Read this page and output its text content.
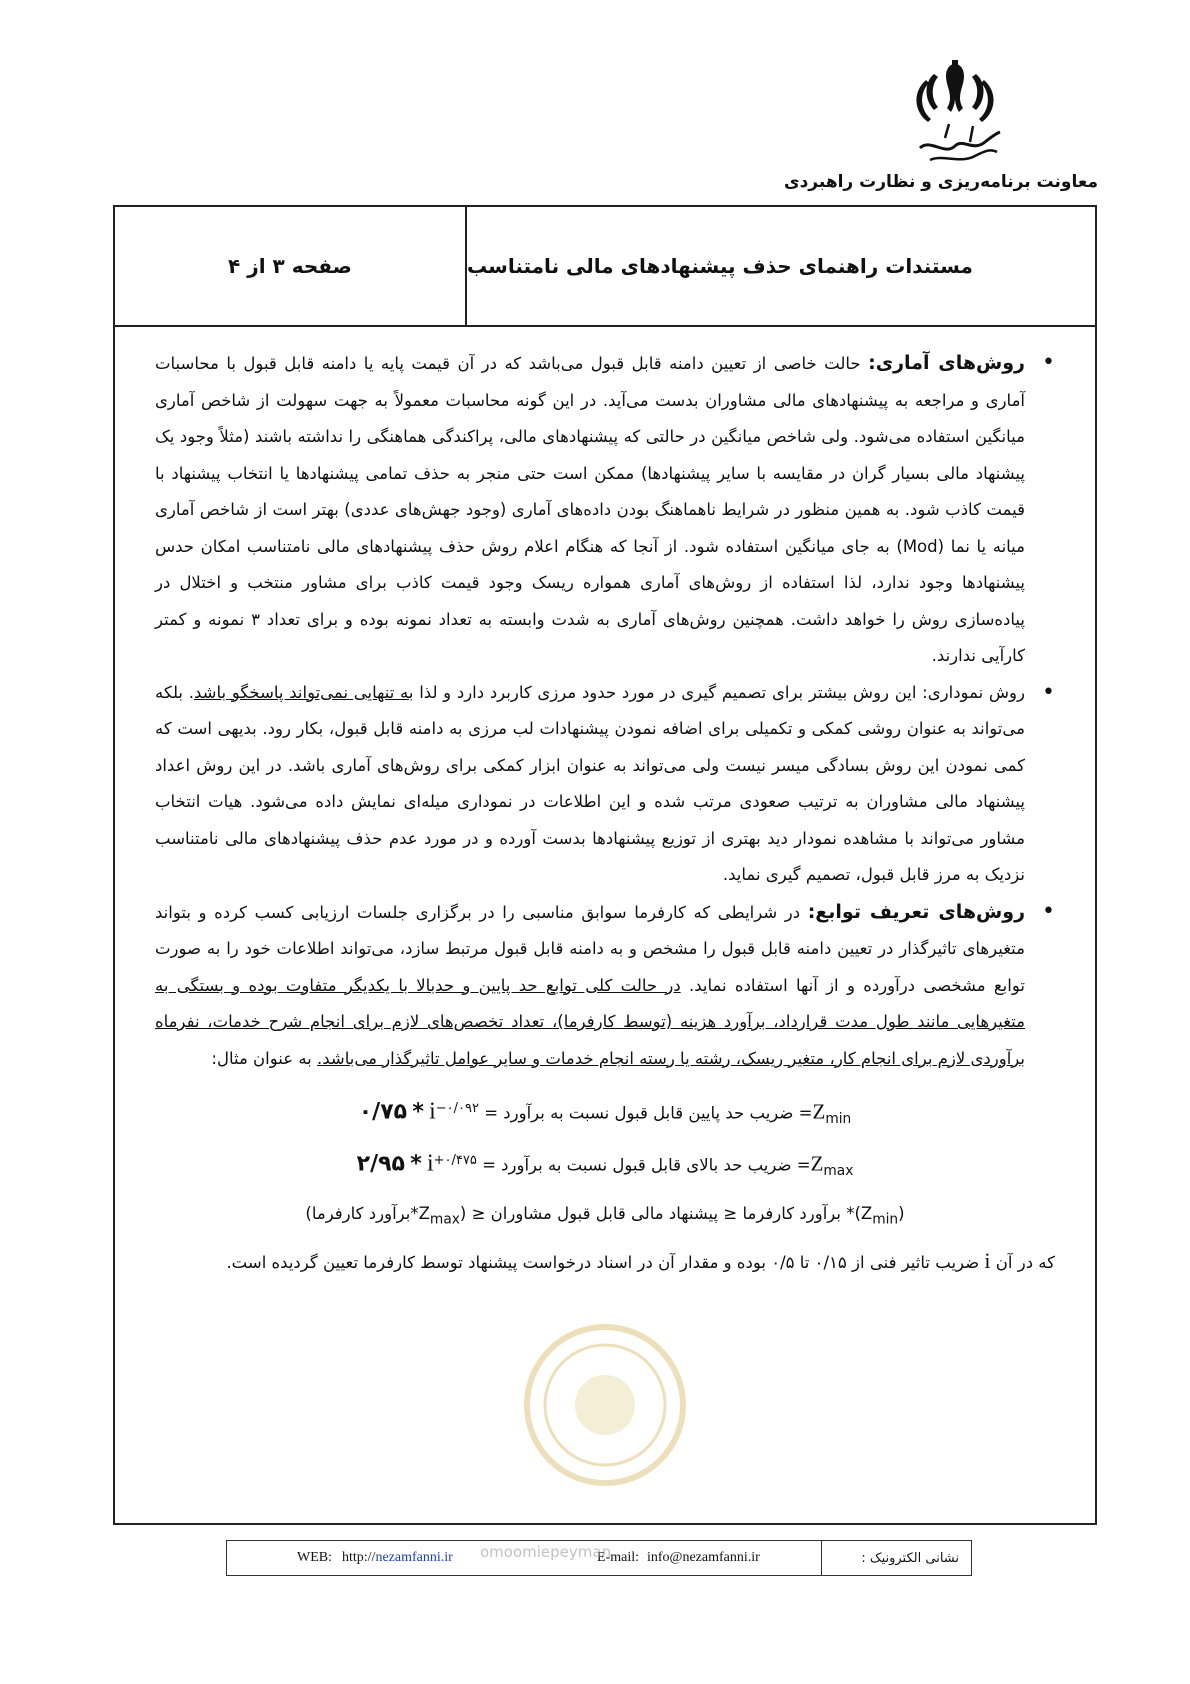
معاونت برنامه‌ریزی و نظارت راهبردی
مستندات راهنمای حذف پیشنهادهای مالی نامتناسب
صفحه ۳ از ۴
• روش‌های آماری: حالت خاصی از تعیین دامنه قابل قبول می‌باشد که در آن قیمت پایه یا دامنه قابل قبول با محاسبات آماری و مراجعه به پیشنهادهای مالی مشاوران بدست می‌آید. در این گونه محاسبات معمولاً به جهت سهولت از شاخص آماری میانگین استفاده می‌شود. ولی شاخص میانگین در حالتی که پیشنهادهای مالی، پراکندگی هماهنگی را نداشته باشند (مثلاً وجود یک پیشنهاد مالی بسیار گران در مقایسه با سایر پیشنهادها) ممکن است حتی منجر به حذف تمامی پیشنهادها یا انتخاب پیشنهاد با قیمت کاذب شود. به همین منظور در شرایط ناهماهنگ بودن داده‌های آماری (وجود جهش‌های عددی) بهتر است از شاخص آماری میانه یا نما (Mod) به جای میانگین استفاده شود. از آنجا که هنگام اعلام روش حذف پیشنهادهای مالی نامتناسب امکان حدس پیشنهادها وجود ندارد، لذا استفاده از روش‌های آماری همواره ریسک وجود قیمت کاذب برای مشاور منتخب و اختلال در پیاده‌سازی روش را خواهد داشت. همچنین روش‌های آماری به شدت وابسته به تعداد نمونه بوده و برای تعداد ۳ نمونه و کمتر کارآیی ندارند.
• روش نموداری: این روش بیشتر برای تصمیم گیری در مورد حدود مرزی کاربرد دارد و لذا به تنهایی نمی‌تواند پاسخگو باشد. بلکه می‌تواند به عنوان روشی کمکی و تکمیلی برای اضافه نمودن پیشنهادات لب مرزی به دامنه قابل قبول، بکار رود. بدیهی است که کمی نمودن این روش بسادگی میسر نیست ولی می‌تواند به عنوان ابزار کمکی برای روش‌های آماری باشد. در این روش اعداد پیشنهاد مالی مشاوران به ترتیب صعودی مرتب شده و این اطلاعات در نموداری میله‌ای نمایش داده می‌شود. هیات انتخاب مشاور می‌تواند با مشاهده نمودار دید بهتری از توزیع پیشنهادها بدست آورده و در مورد عدم حذف پیشنهادهای مالی نامتناسب نزدیک به مرز قابل قبول، تصمیم گیری نماید.
• روش‌های تعریف توابع: در شرایطی که کارفرما سوابق مناسبی را در برگزاری جلسات ارزیابی کسب کرده و بتواند متغیرهای تاثیرگذار در تعیین دامنه قابل قبول را مشخص و به دامنه قابل قبول مرتبط سازد، می‌تواند اطلاعات خود را به صورت توابع مشخصی درآورده و از آنها استفاده نماید. در حالت کلی توابع حد پایین و حدبالا با یکدیگر متفاوت بوده و بستگی به متغیرهایی مانند طول مدت قرارداد، برآورد هزینه (توسط کارفرما)، تعداد تخصص‌های لازم برای انجام شرح خدمات، نفرماه برآوردی لازم برای انجام کار، متغیر ریسک، رشته یا رسته انجام خدمات و سایر عوامل تاثیرگذار می‌باشد. به عنوان مثال:
$Z_{min}=$ ضریب حد پایین قابل قبول نسبت به برآورد = ۰/۷۵ * $i^{-۰/۰۹۲}$
$Z_{max}=$ ضریب حد بالای قابل قبول نسبت به برآورد = ۲/۹۵ * $i^{+۰/۴۷۵}$
$(Z_{min})*$ برآورد کارفرما ≤ پیشنهاد مالی قابل قبول مشاوران ≤ ($Z_{max}*برآورد$ کارفرما)
که در آن i ضریب تاثیر فنی از ۰/۱۵ تا ۰/۵ بوده و مقدار آن در اسناد درخواست پیشنهاد توسط کارفرما تعیین گردیده است.
نشانی الکترونیک :
E-mail: info@nezamfanni.ir
WEB: http://nezamfanni.ir omoomiepeyman
